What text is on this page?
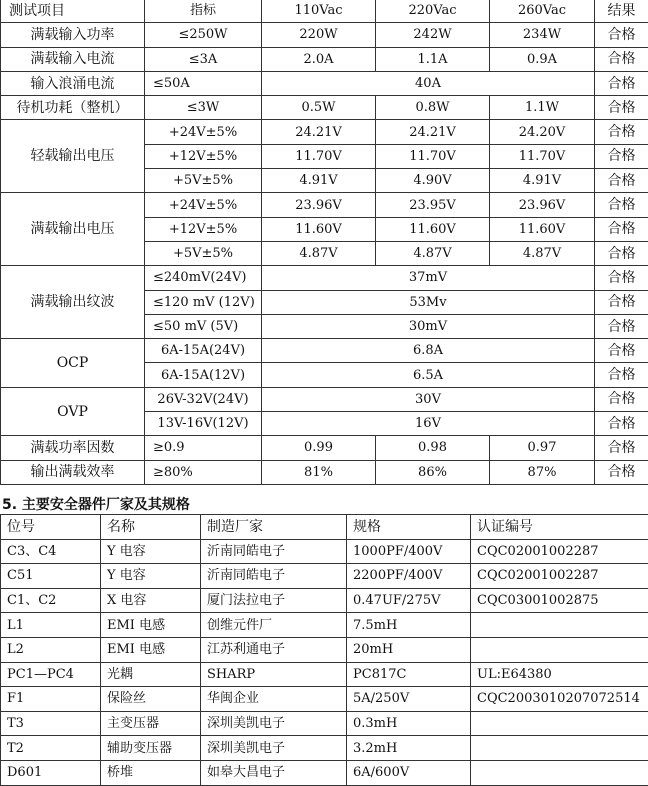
测试项目	指标	110Vac	220Vac	260Vac	结果
满载输入功率	≤250W	220W	242W	234W	合格
满载输入电流	≤3A	2.0A	1.1A	0.9A	合格
输入浪涌电流	≤50A	40A			合格
待机功耗（整机）	≤3W	0.5W	0.8W	1.1W	合格
轻载输出电压	+24V±5%	24.21V	24.21V	24.20V	合格
	+12V±5%	11.70V	11.70V	11.70V	合格
	+5V±5%	4.91V	4.90V	4.91V	合格
满载输出电压	+24V±5%	23.96V	23.95V	23.96V	合格
	+12V±5%	11.60V	11.60V	11.60V	合格
	+5V±5%	4.87V	4.87V	4.87V	合格
满载输出纹波	≤240mV(24V)	37mV			合格
	≤120 mV (12V)	53Mv			合格
	≤50 mV (5V)	30mV			合格
OCP	6A-15A(24V)	6.8A			合格
	6A-15A(12V)	6.5A			合格
OVP	26V-32V(24V)	30V			合格
	13V-16V(12V)	16V			合格
满载功率因数	≥0.9	0.99	0.98	0.97	合格
输出满载效率	≥80%	81%	86%	87%	合格
5. 主要安全器件厂家及其规格
位号	名称	制造厂家	规格	认证编号
C3、C4	Y 电容	沂南同皓电子	1000PF/400V	CQC02001002287
C51	Y 电容	沂南同皓电子	2200PF/400V	CQC02001002287
C1、C2	X 电容	厦门法拉电子	0.47UF/275V	CQC03001002875
L1	EMI 电感	创维元件厂	7.5mH	
L2	EMI 电感	江苏利通电子	20mH	
PC1—PC4	光耦	SHARP	PC817C	UL:E64380
F1	保险丝	华闽企业	5A/250V	CQC2003010207072514
T3	主变压器	深圳美凯电子	0.3mH	
T2	辅助变压器	深圳美凯电子	3.2mH	
D601	桥堆	如皋大昌电子	6A/600V	
